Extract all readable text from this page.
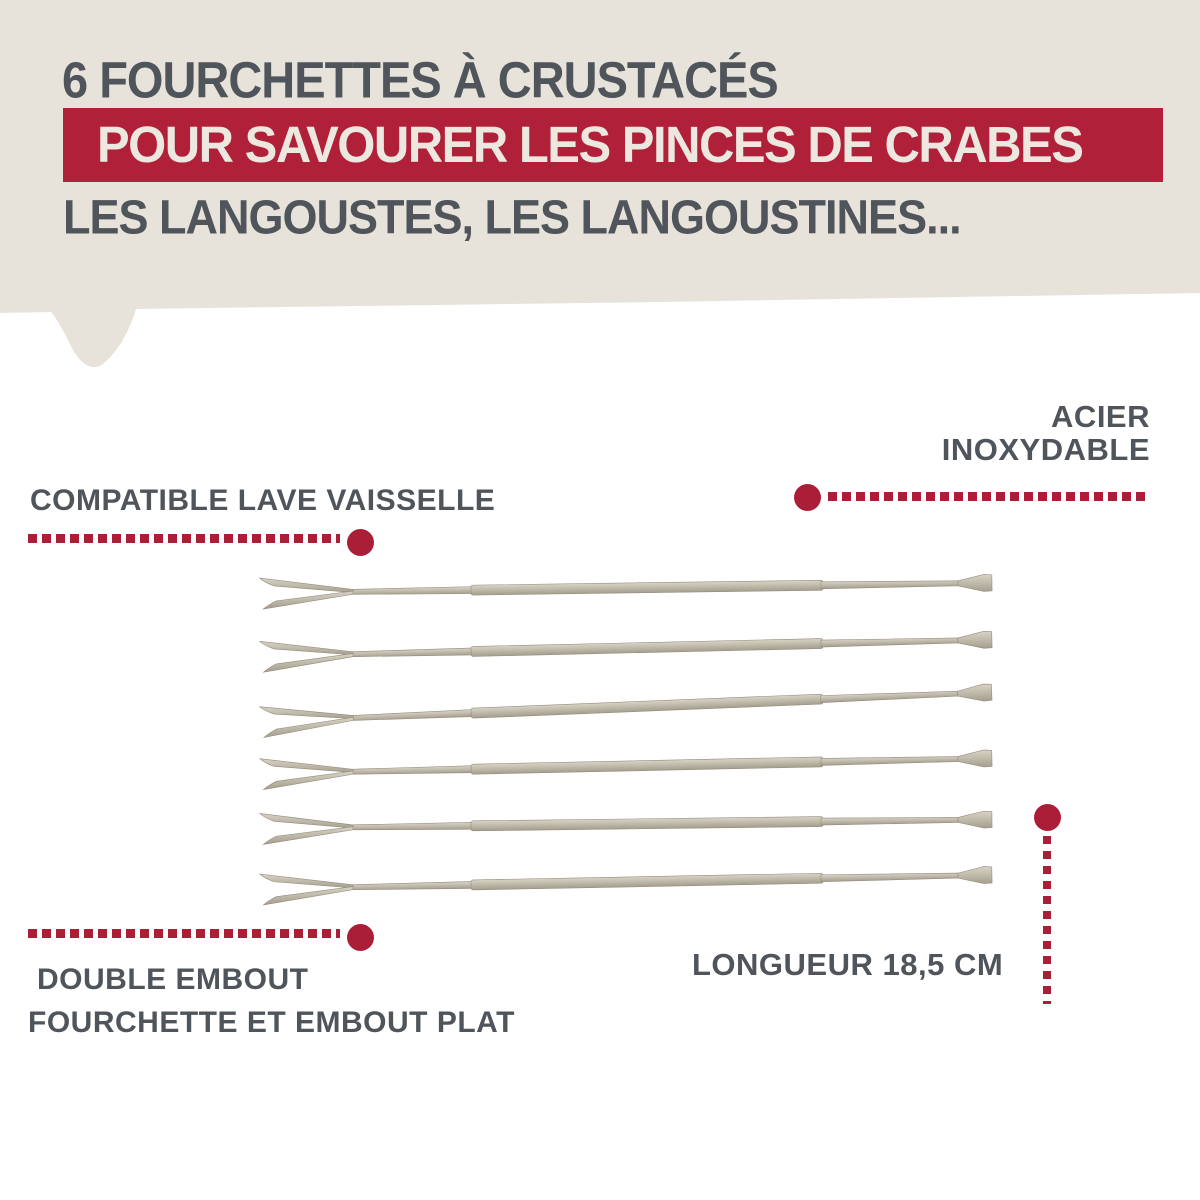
6 FOURCHETTES À CRUSTACÉS
POUR SAVOURER LES PINCES DE CRABES
LES LANGOUSTES, LES LANGOUSTINES...
COMPATIBLE LAVE VAISSELLE
ACIER
INOXYDABLE
DOUBLE EMBOUT
FOURCHETTE ET EMBOUT PLAT
LONGUEUR 18,5 CM
